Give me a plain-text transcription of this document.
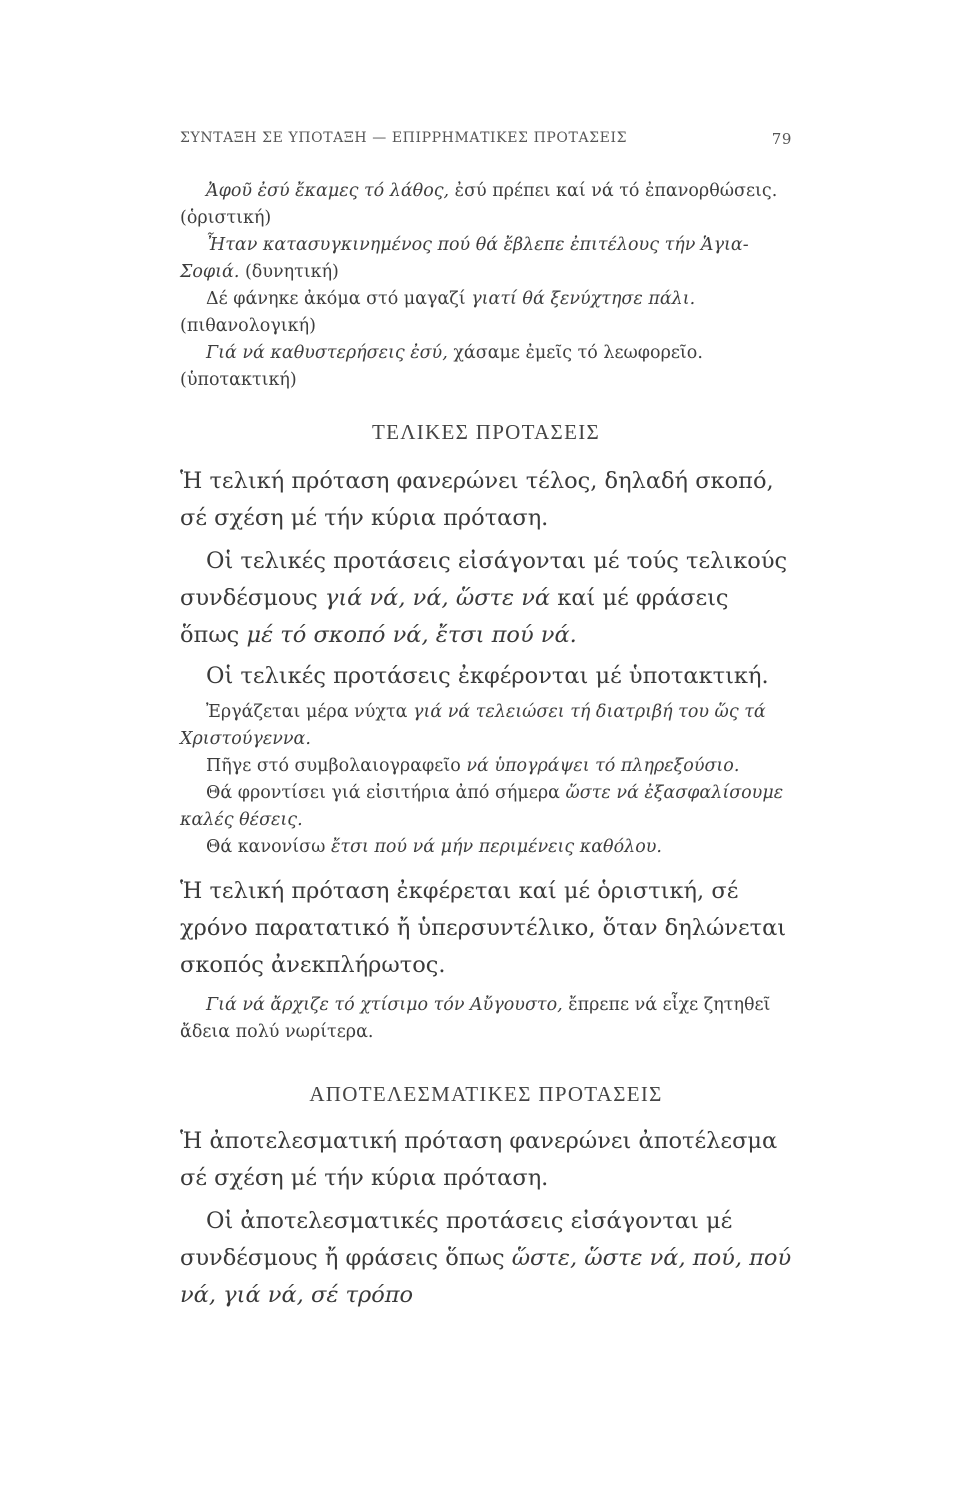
ΣΥΝΤΑΞΗ ΣΕ ΥΠΟΤΑΞΗ — ΕΠΙΡΡΗΜΑΤΙΚΕΣ ΠΡΟΤΑΣΕΙΣ	79

Ἀφοῦ ἐσύ ἔκαμες τό λάθος, ἐσύ πρέπει καί νά τό ἐπανορθώσεις. (ὁριστική)

Ἦταν κατασυγκινημένος πού θά ἔβλεπε ἐπιτέλους τήν Ἁγια-Σοφιά. (δυνητική)

Δέ φάνηκε ἀκόμα στό μαγαζί γιατί θά ξενύχτησε πάλι. (πιθανολογική)

Γιά νά καθυστερήσεις ἐσύ, χάσαμε ἐμεῖς τό λεωφορεῖο. (ὑποτακτική)

ΤΕΛΙΚΕΣ ΠΡΟΤΑΣΕΙΣ

Ἡ τελική πρόταση φανερώνει τέλος, δηλαδή σκοπό, σέ σχέση μέ τήν κύρια πρόταση.

Οἱ τελικές προτάσεις εἰσάγονται μέ τούς τελικούς συνδέσμους γιά νά, νά, ὥστε νά καί μέ φράσεις ὅπως μέ τό σκοπό νά, ἔτσι πού νά.

Οἱ τελικές προτάσεις ἐκφέρονται μέ ὑποτακτική.

Ἐργάζεται μέρα νύχτα γιά νά τελειώσει τή διατριβή του ὥς τά Χριστούγεννα.

Πῆγε στό συμβολαιογραφεῖο νά ὑπογράψει τό πληρεξούσιο.

Θά φροντίσει γιά εἰσιτήρια ἀπό σήμερα ὥστε νά ἐξασφαλίσουμε καλές θέσεις.

Θά κανονίσω ἔτσι πού νά μήν περιμένεις καθόλου.

Ἡ τελική πρόταση ἐκφέρεται καί μέ ὁριστική, σέ χρόνο παρατατικό ἤ ὑπερσυντέλικο, ὅταν δηλώνεται σκοπός ἀνεκπλήρωτος.

Γιά νά ἄρχιζε τό χτίσιμο τόν Αὔγουστο, ἔπρεπε νά εἶχε ζητηθεῖ ἄδεια πολύ νωρίτερα.

ΑΠΟΤΕΛΕΣΜΑΤΙΚΕΣ ΠΡΟΤΑΣΕΙΣ

Ἡ ἀποτελεσματική πρόταση φανερώνει ἀποτέλεσμα σέ σχέση μέ τήν κύρια πρόταση.

Οἱ ἀποτελεσματικές προτάσεις εἰσάγονται μέ συνδέσμους ἤ φράσεις ὅπως ὥστε, ὥστε νά, πού, πού νά, γιά νά, σέ τρόπο
